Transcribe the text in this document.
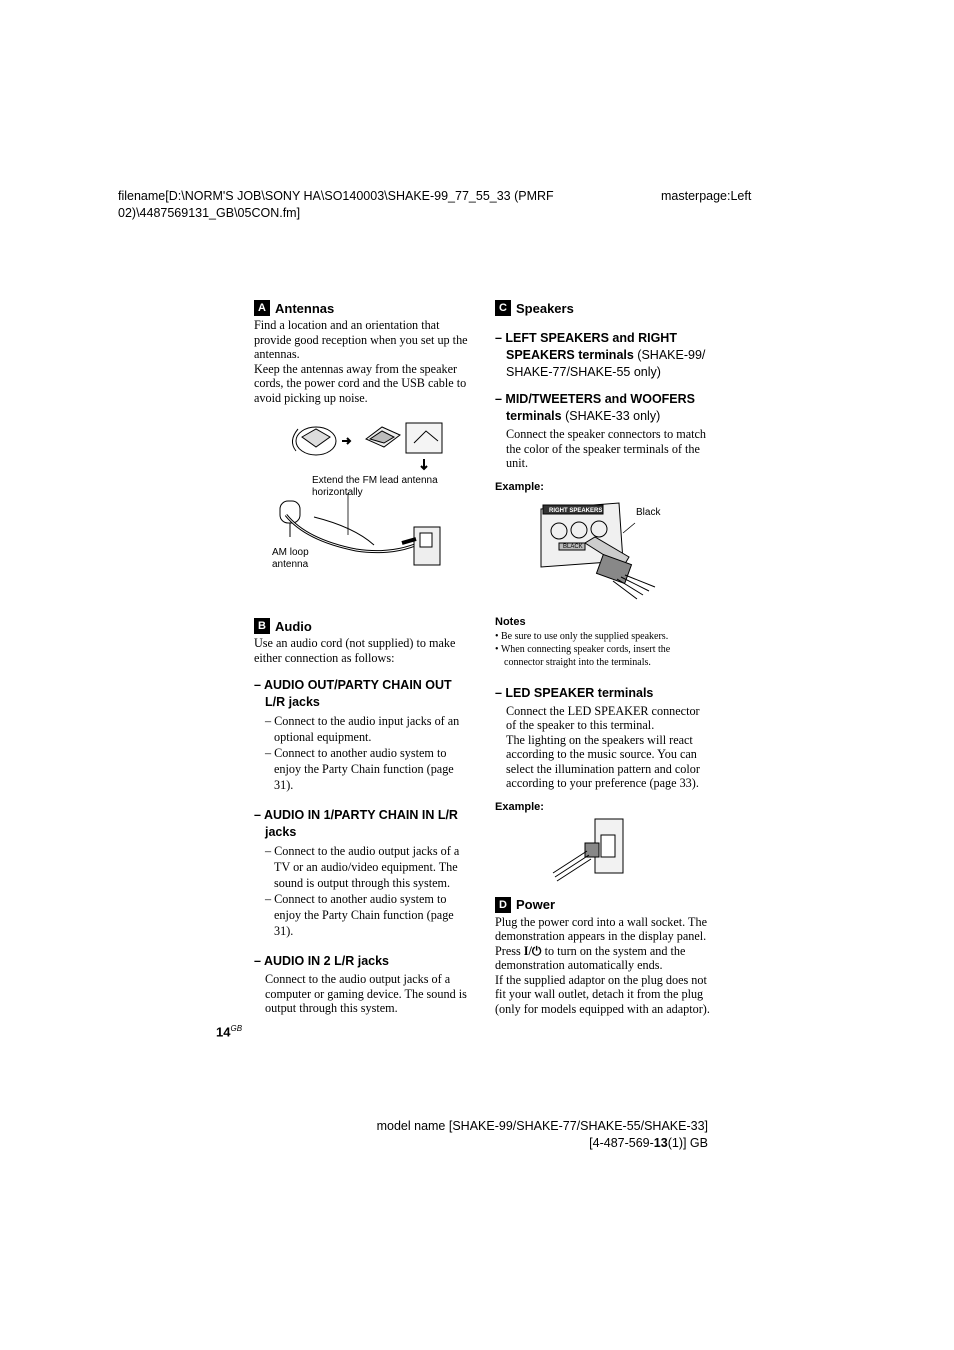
filename[D:\NORM'S JOB\SONY HA\SO140003\SHAKE-99_77_55_33 (PMRF
02)\4487569131_GB\05CON.fm]
masterpage:Left
A Antennas

Find a location and an orientation that provide good reception when you set up the antennas.

Keep the antennas away from the speaker cords, the power cord and the USB cable to avoid picking up noise.

Extend the FM lead antenna horizontally
AM loop
antenna
B Audio

Use an audio cord (not supplied) to make either connection as follows:

– AUDIO OUT/PARTY CHAIN OUT L/R jacks

– Connect to the audio input jacks of an optional equipment.
– Connect to another audio system to enjoy the Party Chain function (page 31).

– AUDIO IN 1/PARTY CHAIN IN L/R jacks

– Connect to the audio output jacks of a TV or an audio/video equipment. The sound is output through this system.
– Connect to another audio system to enjoy the Party Chain function (page 31).

– AUDIO IN 2 L/R jacks

Connect to the audio output jacks of a computer or gaming device. The sound is output through this system.

C Speakers

– LEFT SPEAKERS and RIGHT SPEAKERS terminals (SHAKE-99/ SHAKE-77/SHAKE-55 only)

– MID/TWEETERS and WOOFERS terminals (SHAKE-33 only)

Connect the speaker connectors to match the color of the speaker terminals of the unit.

Example:

RIGHT SPEAKERS
BLACK
Black

Notes

• Be sure to use only the supplied speakers.
• When connecting speaker cords, insert the connector straight into the terminals.

– LED SPEAKER terminals

Connect the LED SPEAKER connector of the speaker to this terminal.

The lighting on the speakers will react according to the music source. You can select the illumination pattern and color according to your preference (page 33).

Example:

D Power

Plug the power cord into a wall socket. The demonstration appears in the display panel. Press I/⏻ to turn on the system and the demonstration automatically ends.

If the supplied adaptor on the plug does not fit your wall outlet, detach it from the plug (only for models equipped with an adaptor).

$14^{GB}$
model name [SHAKE-99/SHAKE-77/SHAKE-55/SHAKE-33]
[4-487-569-13(1)] GB
